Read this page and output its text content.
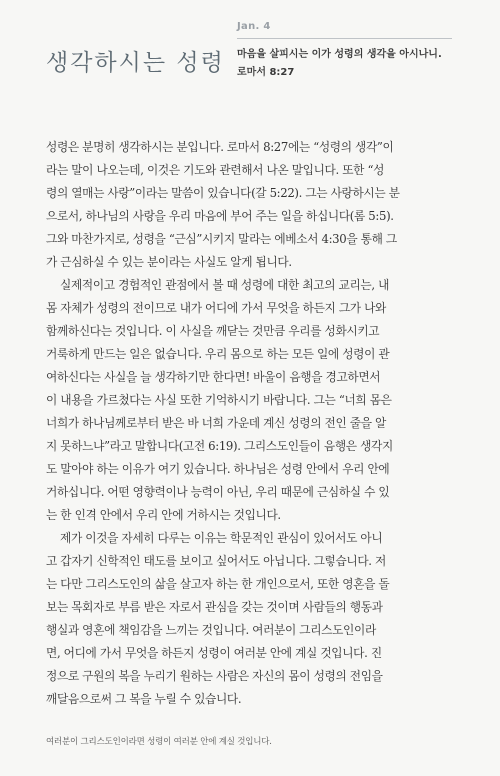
생각하시는 성령
Jan. 4
마음을 살피시는 이가 성령의 생각을 아시나니.
로마서 8:27

성령은 분명히 생각하시는 분입니다. 로마서 8:27에는 “성령의 생각”이
라는 말이 나오는데, 이것은 기도와 관련해서 나온 말입니다. 또한 “성
령의 열매는 사랑”이라는 말씀이 있습니다(갈 5:22). 그는 사랑하시는 분
으로서, 하나님의 사랑을 우리 마음에 부어 주는 일을 하십니다(롬 5:5).
그와 마찬가지로, 성령을 “근심”시키지 말라는 에베소서 4:30을 통해 그
가 근심하실 수 있는 분이라는 사실도 알게 됩니다.

실제적이고 경험적인 관점에서 볼 때 성령에 대한 최고의 교리는, 내
몸 자체가 성령의 전이므로 내가 어디에 가서 무엇을 하든지 그가 나와
함께하신다는 것입니다. 이 사실을 깨닫는 것만큼 우리를 성화시키고
거룩하게 만드는 일은 없습니다. 우리 몸으로 하는 모든 일에 성령이 관
여하신다는 사실을 늘 생각하기만 한다면! 바울이 음행을 경고하면서
이 내용을 가르쳤다는 사실 또한 기억하시기 바랍니다. 그는 “너희 몸은
너희가 하나님께로부터 받은 바 너희 가운데 계신 성령의 전인 줄을 알
지 못하느냐”라고 말합니다(고전 6:19). 그리스도인들이 음행은 생각지
도 말아야 하는 이유가 여기 있습니다. 하나님은 성령 안에서 우리 안에
거하십니다. 어떤 영향력이나 능력이 아닌, 우리 때문에 근심하실 수 있
는 한 인격 안에서 우리 안에 거하시는 것입니다.

제가 이것을 자세히 다루는 이유는 학문적인 관심이 있어서도 아니
고 갑자기 신학적인 태도를 보이고 싶어서도 아닙니다. 그렇습니다. 저
는 다만 그리스도인의 삶을 살고자 하는 한 개인으로서, 또한 영혼을 돌
보는 목회자로 부름 받은 자로서 관심을 갖는 것이며 사람들의 행동과
행실과 영혼에 책임감을 느끼는 것입니다. 여러분이 그리스도인이라
면, 어디에 가서 무엇을 하든지 성령이 여러분 안에 계실 것입니다. 진
정으로 구원의 복을 누리기 원하는 사람은 자신의 몸이 성령의 전임을
깨달음으로써 그 복을 누릴 수 있습니다.

여러분이 그리스도인이라면 성령이 여러분 안에 계실 것입니다.
